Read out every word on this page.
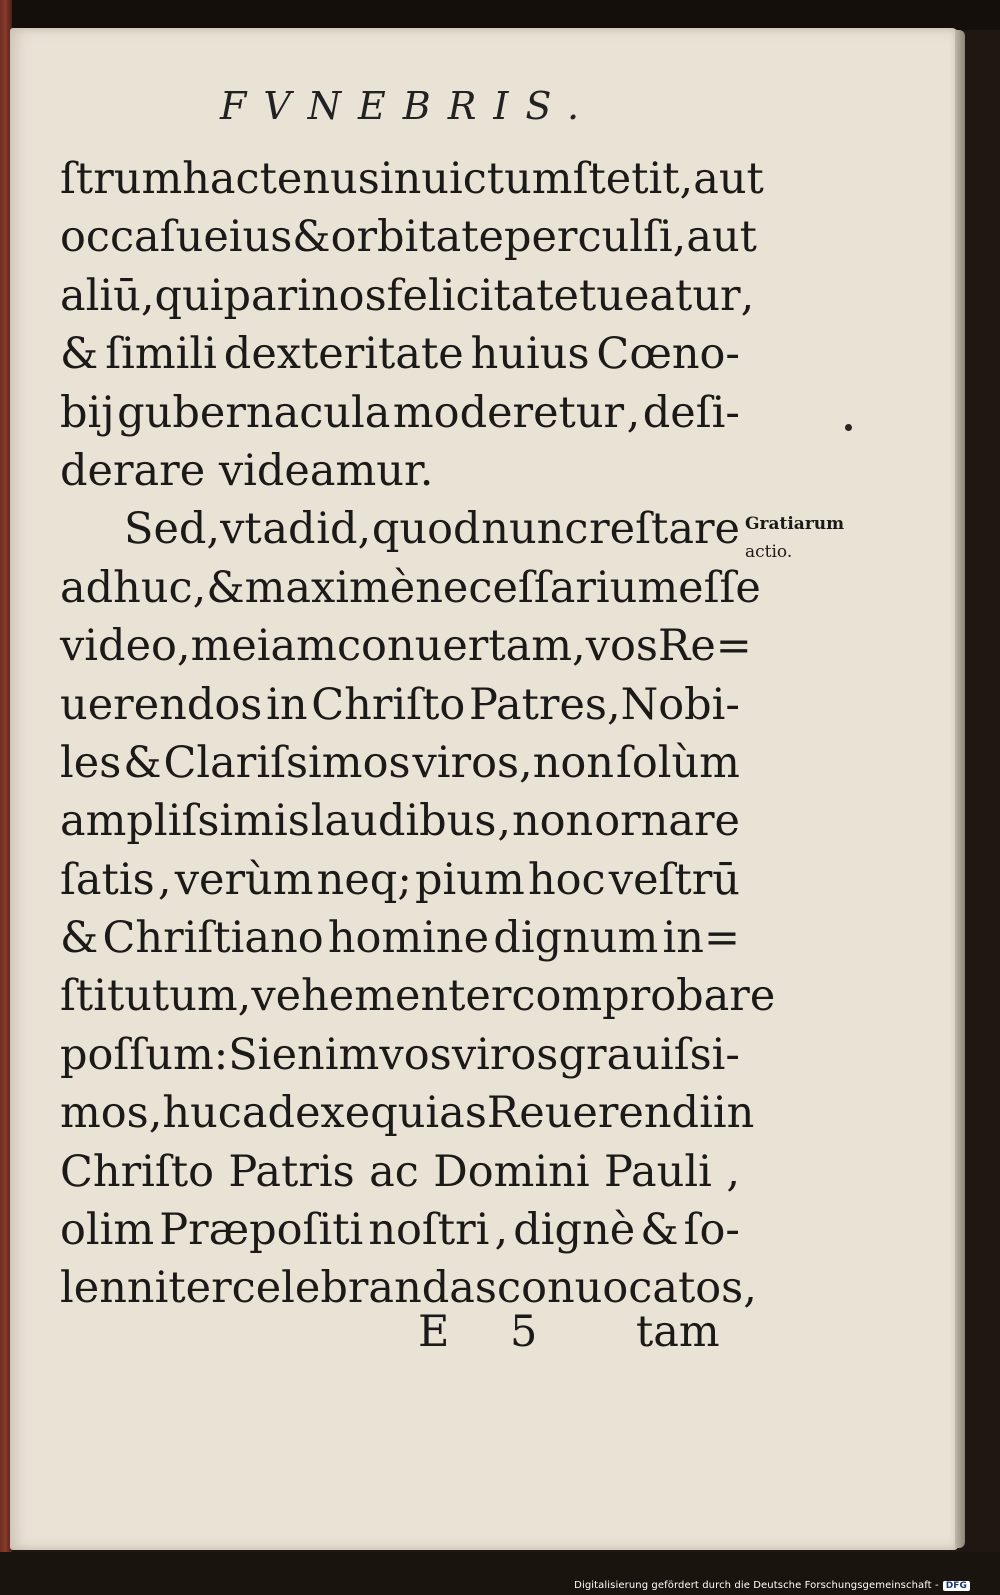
FVNEBRIS.
ſtrum hactenus inuictum ſtetit, aut
occaſu eius & orbitate perculſi,aut
aliū, qui pari nos felicitate tueatur ,
& ſimili dexteritate huius Cœno-
bij gubernacula moderetur , deſi-
derare videamur.
Sed,vt ad id, quod nunc reſtare
adhuc, & maximè neceſſarium eſſe
video,me iam conuertam, vos Re=
uerendos in Chriſto Patres,Nobi-
les & Clariſsimos viros,non ſolùm
ampliſsimis laudibus , non ornare
ſatis , verùm neq; pium hoc veſtrū
& Chriſtiano homine dignum in=
ſtitutum,vehementer comprobare
poſſum:Si enim vos viros grauiſsi-
mos, huc ad exequias Reuerendi in
Chriſto Patris ac Domini Pauli ,
olim Præpoſiti noſtri , dignè & ſo-
lenniter celebrandas conuocatos ,
E 5 tam
Gratiarum
actio.
Digitalisierung gefördert durch die Deutsche Forschungsgemeinschaft - DFG
